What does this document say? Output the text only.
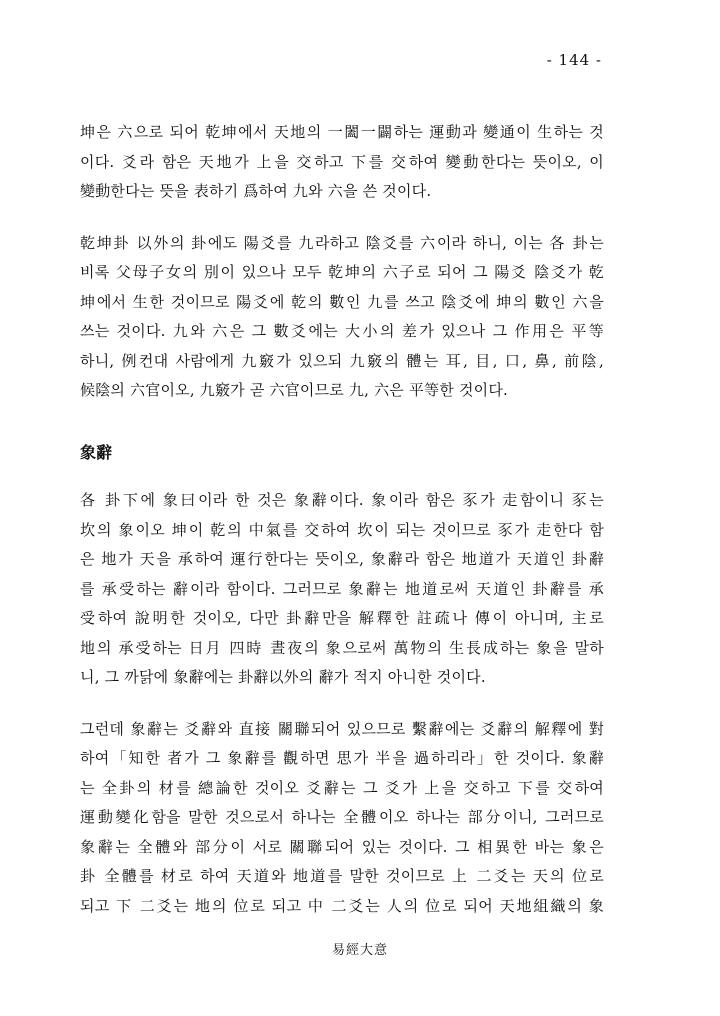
- 144 -

坤은 六으로 되어 乾坤에서 天地의 一闔一闢하는 運動과 變通이 生하는 것
이다. 爻라 함은 天地가 上을 交하고 下를 交하여 變動한다는 뜻이오, 이
變動한다는 뜻을 表하기 爲하여 九와 六을 쓴 것이다.

乾坤卦 以外의 卦에도 陽爻를 九라하고 陰爻를 六이라 하니, 이는 各 卦는
비록 父母子女의 別이 있으나 모두 乾坤의 六子로 되어 그 陽爻 陰爻가 乾
坤에서 生한 것이므로 陽爻에 乾의 數인 九를 쓰고 陰爻에 坤의 數인 六을
쓰는 것이다. 九와 六은 그 數爻에는 大小의 差가 있으나 그 作用은 平等
하니, 例컨대 사람에게 九竅가 있으되 九竅의 體는 耳, 目, 口, 鼻, 前陰,
候陰의 六官이오, 九竅가 곧 六官이므로 九, 六은 平等한 것이다.

象辭

各 卦下에 象曰이라 한 것은 象辭이다. 象이라 함은 豕가 走함이니 豕는
坎의 象이오 坤이 乾의 中氣를 交하여 坎이 되는 것이므로 豕가 走한다 함
은 地가 天을 承하여 運行한다는 뜻이오, 象辭라 함은 地道가 天道인 卦辭
를 承受하는 辭이라 함이다. 그러므로 象辭는 地道로써 天道인 卦辭를 承
受하여 說明한 것이오, 다만 卦辭만을 解釋한 註疏나 傳이 아니며, 主로
地의 承受하는 日月 四時 晝夜의 象으로써 萬物의 生長成하는 象을 말하
니, 그 까닭에 象辭에는 卦辭以外의 辭가 적지 아니한 것이다.

그런데 象辭는 爻辭와 直接 關聯되어 있으므로 繫辭에는 爻辭의 解釋에 對
하여「知한 者가 그 象辭를 觀하면 思가 半을 過하리라」한 것이다. 象辭
는 全卦의 材를 總論한 것이오 爻辭는 그 爻가 上을 交하고 下를 交하여
運動變化함을 말한 것으로서 하나는 全體이오 하나는 部分이니, 그러므로
象辭는 全體와 部分이 서로 關聯되어 있는 것이다. 그 相異한 바는 象은
卦 全體를 材로 하여 天道와 地道를 말한 것이므로 上 二爻는 天의 位로
되고 下 二爻는 地의 位로 되고 中 二爻는 人의 位로 되어 天地組織의 象

易經大意
